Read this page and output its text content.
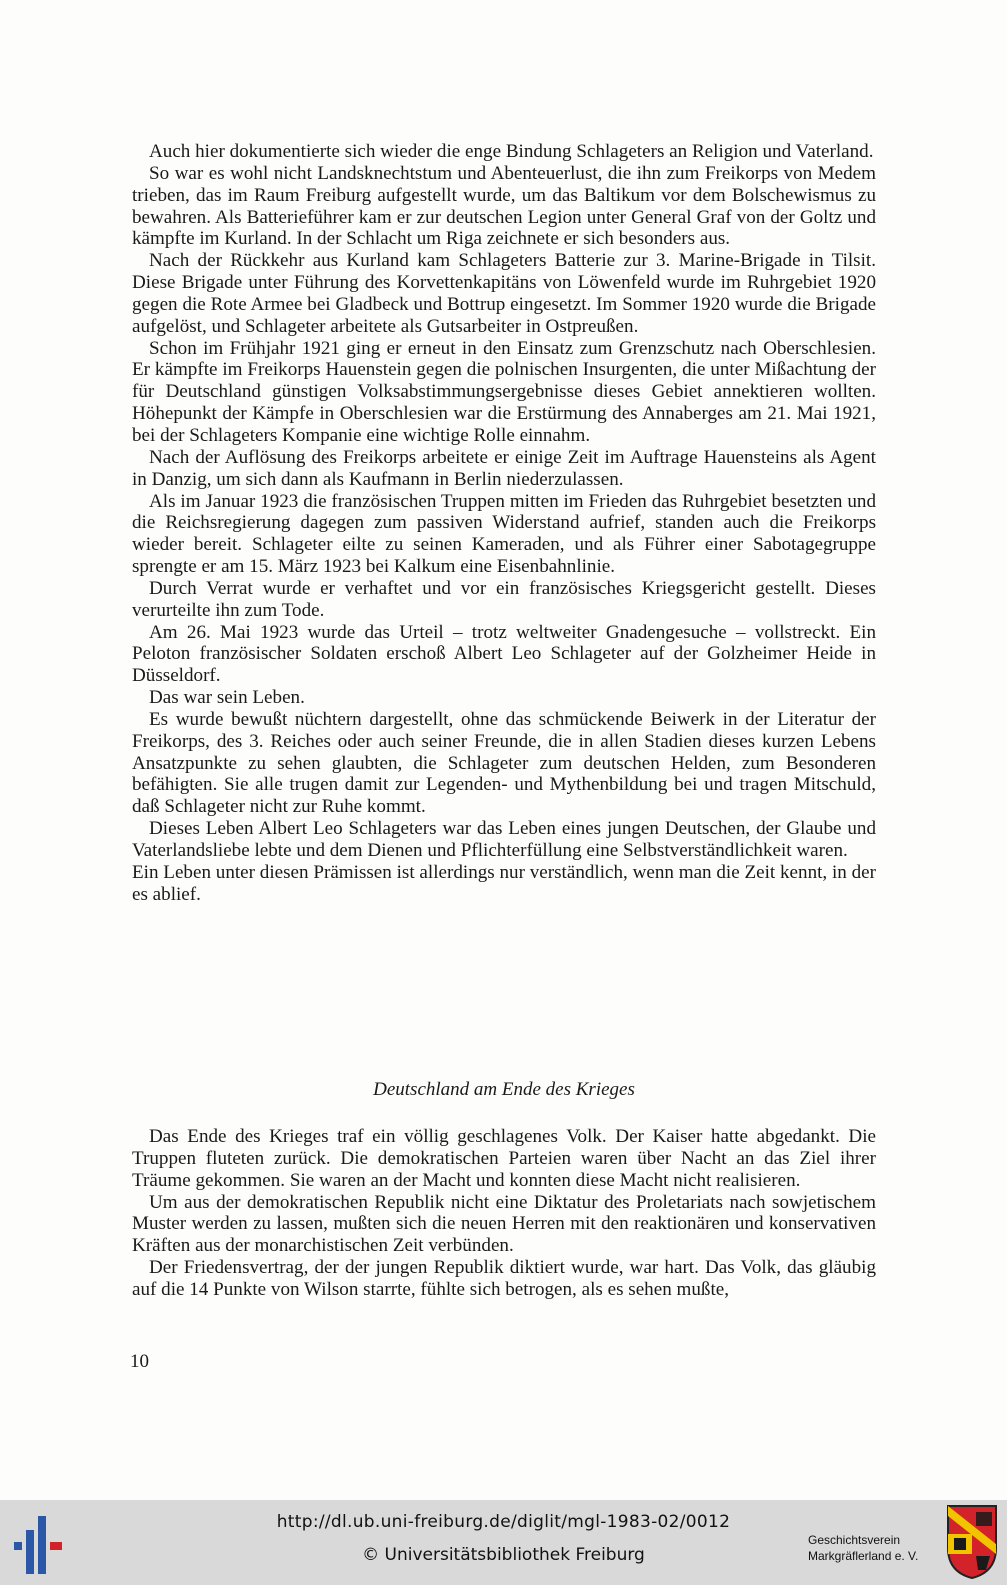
Auch hier dokumentierte sich wieder die enge Bindung Schlageters an Religion und Vaterland.

So war es wohl nicht Landsknechtstum und Abenteuerlust, die ihn zum Freikorps von Medem trieben, das im Raum Freiburg aufgestellt wurde, um das Baltikum vor dem Bolschewismus zu bewahren. Als Batterieführer kam er zur deutschen Legion unter General Graf von der Goltz und kämpfte im Kurland. In der Schlacht um Riga zeichnete er sich besonders aus.

Nach der Rückkehr aus Kurland kam Schlageters Batterie zur 3. Marine-Brigade in Tilsit. Diese Brigade unter Führung des Korvettenkapitäns von Löwenfeld wurde im Ruhrgebiet 1920 gegen die Rote Armee bei Gladbeck und Bottrup eingesetzt. Im Sommer 1920 wurde die Brigade aufgelöst, und Schlageter arbeitete als Gutsarbeiter in Ostpreußen.

Schon im Frühjahr 1921 ging er erneut in den Einsatz zum Grenzschutz nach Oberschlesien. Er kämpfte im Freikorps Hauenstein gegen die polnischen Insurgenten, die unter Mißachtung der für Deutschland günstigen Volksabstimmungsergebnisse dieses Gebiet annektieren wollten. Höhepunkt der Kämpfe in Oberschlesien war die Erstürmung des Annaberges am 21. Mai 1921, bei der Schlageters Kompanie eine wichtige Rolle einnahm.

Nach der Auflösung des Freikorps arbeitete er einige Zeit im Auftrage Hauensteins als Agent in Danzig, um sich dann als Kaufmann in Berlin niederzulassen.

Als im Januar 1923 die französischen Truppen mitten im Frieden das Ruhrgebiet besetzten und die Reichsregierung dagegen zum passiven Widerstand aufrief, standen auch die Freikorps wieder bereit. Schlageter eilte zu seinen Kameraden, und als Führer einer Sabotagegruppe sprengte er am 15. März 1923 bei Kalkum eine Eisenbahnlinie.

Durch Verrat wurde er verhaftet und vor ein französisches Kriegsgericht gestellt. Dieses verurteilte ihn zum Tode.

Am 26. Mai 1923 wurde das Urteil – trotz weltweiter Gnadengesuche – vollstreckt. Ein Peloton französischer Soldaten erschoß Albert Leo Schlageter auf der Golzheimer Heide in Düsseldorf.

Das war sein Leben.

Es wurde bewußt nüchtern dargestellt, ohne das schmückende Beiwerk in der Literatur der Freikorps, des 3. Reiches oder auch seiner Freunde, die in allen Stadien dieses kurzen Lebens Ansatzpunkte zu sehen glaubten, die Schlageter zum deutschen Helden, zum Besonderen befähigten. Sie alle trugen damit zur Legenden- und Mythenbildung bei und tragen Mitschuld, daß Schlageter nicht zur Ruhe kommt.

Dieses Leben Albert Leo Schlageters war das Leben eines jungen Deutschen, der Glaube und Vaterlandsliebe lebte und dem Dienen und Pflichterfüllung eine Selbstverständlichkeit waren.

Ein Leben unter diesen Prämissen ist allerdings nur verständlich, wenn man die Zeit kennt, in der es ablief.

Deutschland am Ende des Krieges

Das Ende des Krieges traf ein völlig geschlagenes Volk. Der Kaiser hatte abgedankt. Die Truppen fluteten zurück. Die demokratischen Parteien waren über Nacht an das Ziel ihrer Träume gekommen. Sie waren an der Macht und konnten diese Macht nicht realisieren.

Um aus der demokratischen Republik nicht eine Diktatur des Proletariats nach sowjetischem Muster werden zu lassen, mußten sich die neuen Herren mit den reaktionären und konservativen Kräften aus der monarchistischen Zeit verbünden.

Der Friedensvertrag, der der jungen Republik diktiert wurde, war hart. Das Volk, das gläubig auf die 14 Punkte von Wilson starrte, fühlte sich betrogen, als es sehen mußte,

10
http://dl.ub.uni-freiburg.de/diglit/mgl-1983-02/0012
© Universitätsbibliothek Freiburg
Geschichtsverein
Markgräflerland e. V.
